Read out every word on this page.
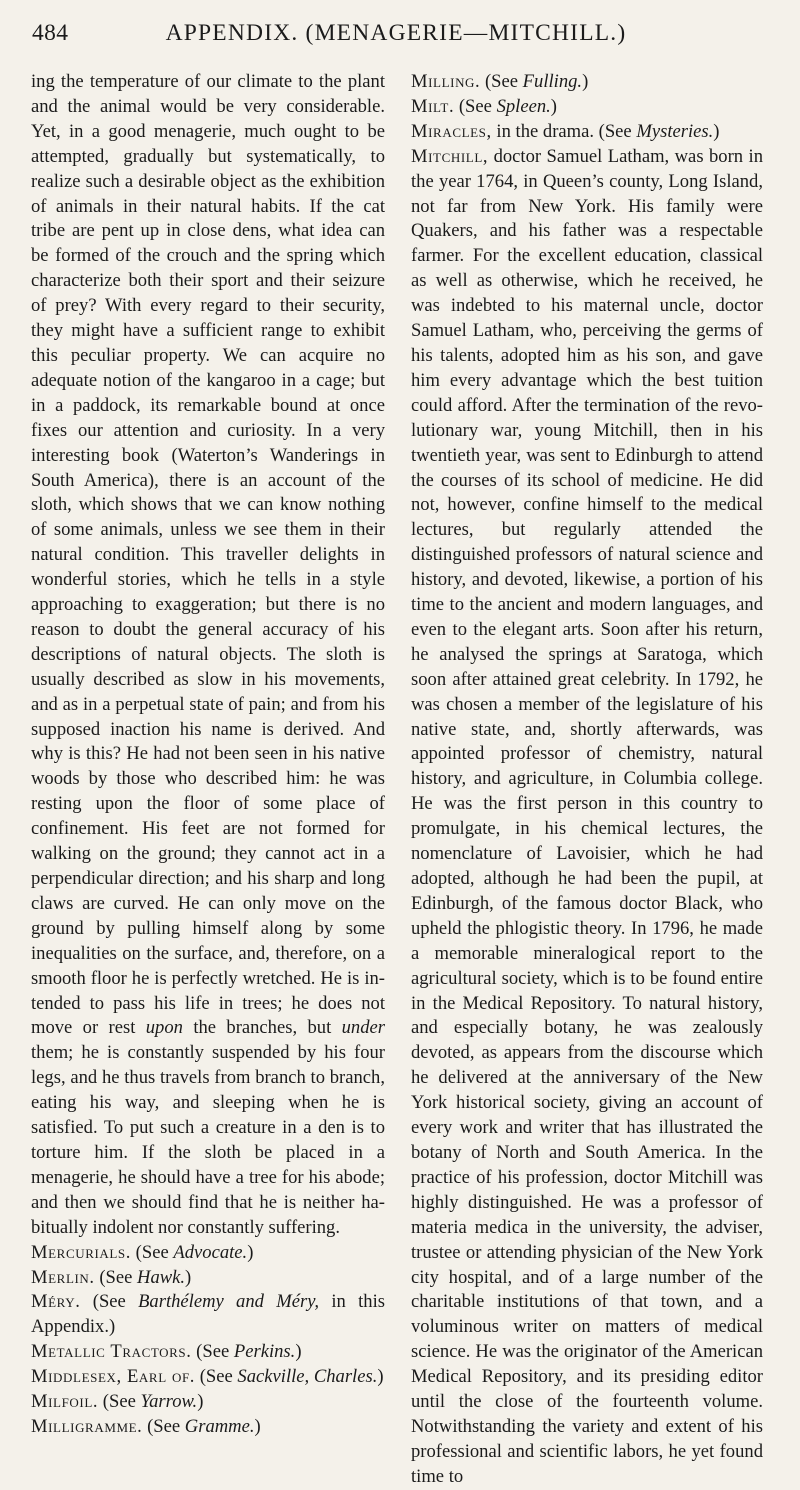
484	APPENDIX. (MENAGERIE—MITCHILL.)

ing the temperature of our climate to the plant and the animal would be very considerable. Yet, in a good menagerie, much ought to be attempted, gradually but systematically, to realize such a desirable object as the exhibition of animals in their natural habits. If the cat tribe are pent up in close dens, what idea can be formed of the crouch and the spring which characterize both their sport and their seizure of prey? With every regard to their security, they might have a sufficient range to exhibit this peculiar property. We can acquire no adequate notion of the kangaroo in a cage; but in a paddock, its remarkable bound at once fixes our attention and curiosity. In a very interesting book (Waterton’s Wanderings in South America), there is an account of the sloth, which shows that we can know nothing of some animals, unless we see them in their natural condition. This traveller delights in wonderful stories, which he tells in a style approaching to exaggeration; but there is no reason to doubt the general accuracy of his descriptions of natural objects. The sloth is usually described as slow in his movements, and as in a perpetual state of pain; and from his supposed inaction his name is derived. And why is this? He had not been seen in his native woods by those who described him: he was resting upon the floor of some place of confinement. His feet are not formed for walking on the ground; they cannot act in a perpendicular direction; and his sharp and long claws are curved. He can only move on the ground by pulling himself along by some inequalities on the surface, and, therefore, on a smooth floor he is perfectly wretched. He is intended to pass his life in trees; he does not move or rest upon the branches, but under them; he is constantly suspended by his four legs, and he thus travels from branch to branch, eating his way, and sleeping when he is satisfied. To put such a creature in a den is to torture him. If the sloth be placed in a menagerie, he should have a tree for his abode; and then we should find that he is neither habitually indolent nor constantly suffering.

Mercurials. (See Advocate.)

Merlin. (See Hawk.)

Méry. (See Barthélemy and Méry, in this Appendix.)

Metallic Tractors. (See Perkins.)

Middlesex, Earl of. (See Sackville, Charles.)

Milfoil. (See Yarrow.)

Milligramme. (See Gramme.)

Milling. (See Fulling.)

Milt. (See Spleen.)

Miracles, in the drama. (See Mysteries.)

Mitchill, doctor Samuel Latham, was born in the year 1764, in Queen’s county, Long Island, not far from New York. His family were Quakers, and his father was a respectable farmer. For the excellent education, classical as well as otherwise, which he received, he was indebted to his maternal uncle, doctor Samuel Latham, who, perceiving the germs of his talents, adopted him as his son, and gave him every advantage which the best tuition could afford. After the termination of the revolutionary war, young Mitchill, then in his twentieth year, was sent to Edinburgh to attend the courses of its school of medicine. He did not, however, confine himself to the medical lectures, but regularly attended the distinguished professors of natural science and history, and devoted, likewise, a portion of his time to the ancient and modern languages, and even to the elegant arts. Soon after his return, he analysed the springs at Saratoga, which soon after attained great celebrity. In 1792, he was chosen a member of the legislature of his native state, and, shortly afterwards, was appointed professor of chemistry, natural history, and agriculture, in Columbia college. He was the first person in this country to promulgate, in his chemical lectures, the nomenclature of Lavoisier, which he had adopted, although he had been the pupil, at Edinburgh, of the famous doctor Black, who upheld the phlogistic theory. In 1796, he made a memorable mineralogical report to the agricultural society, which is to be found entire in the Medical Repository. To natural history, and especially botany, he was zealously devoted, as appears from the discourse which he delivered at the anniversary of the New York historical society, giving an account of every work and writer that has illustrated the botany of North and South America. In the practice of his profession, doctor Mitchill was highly distinguished. He was a professor of materia medica in the university, the adviser, trustee or attending physician of the New York city hospital, and of a large number of the charitable institutions of that town, and a voluminous writer on matters of medical science. He was the originator of the American Medical Repository, and its presiding editor until the close of the fourteenth volume. Notwithstanding the variety and extent of his professional and scientific labors, he yet found time to
